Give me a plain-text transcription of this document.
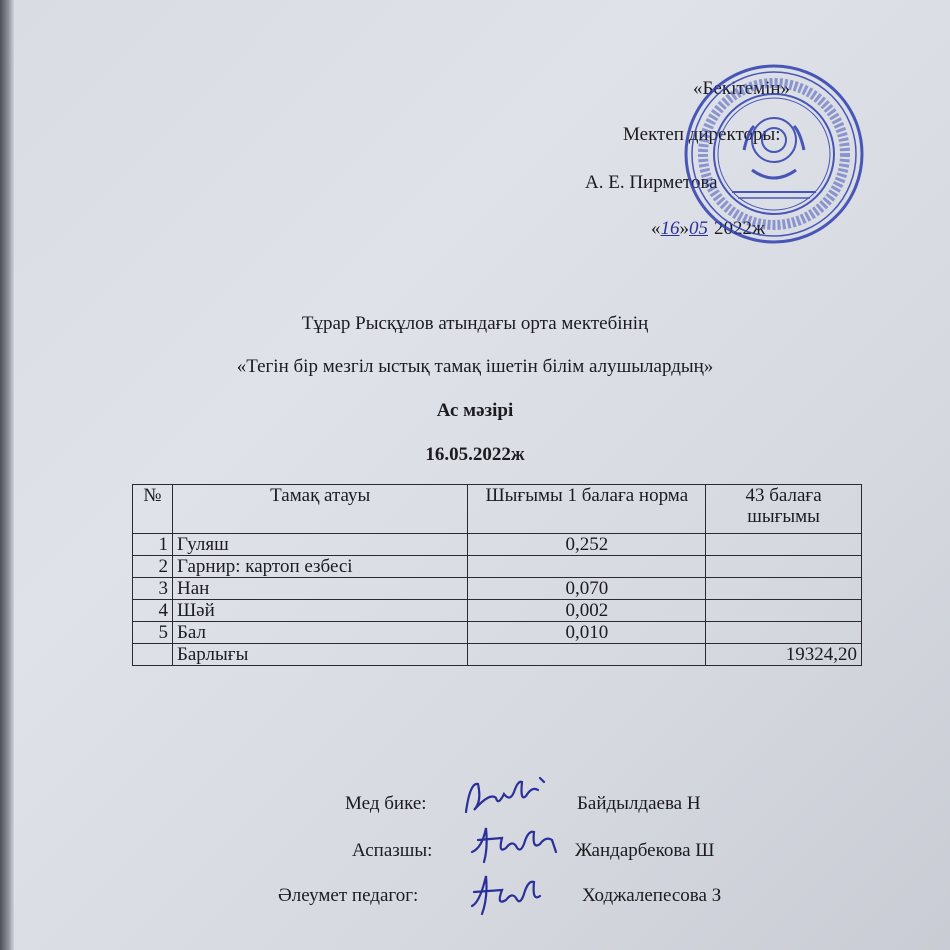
«Бекітемін»
Мектеп директоры:
А. Е. Пирметова
«16»05 2022ж
Тұрар Рысқұлов атындағы орта мектебінің
«Тегін бір мезгіл ыстық тамақ ішетін білім алушылардың»
Ас мәзірі
16.05.2022ж
№	Тамақ атауы	Шығымы 1 балаға норма	43 балаға шығымы
1	Гуляш	0,252	
2	Гарнир: картоп езбесі		
3	Нан	0,070	
4	Шәй	0,002	
5	Бал	0,010	
	Барлығы		19324,20
Мед бике:	Байдылдаева Н
Аспазшы:	Жандарбекова Ш
Әлеумет педагог:	Ходжалепесова З
